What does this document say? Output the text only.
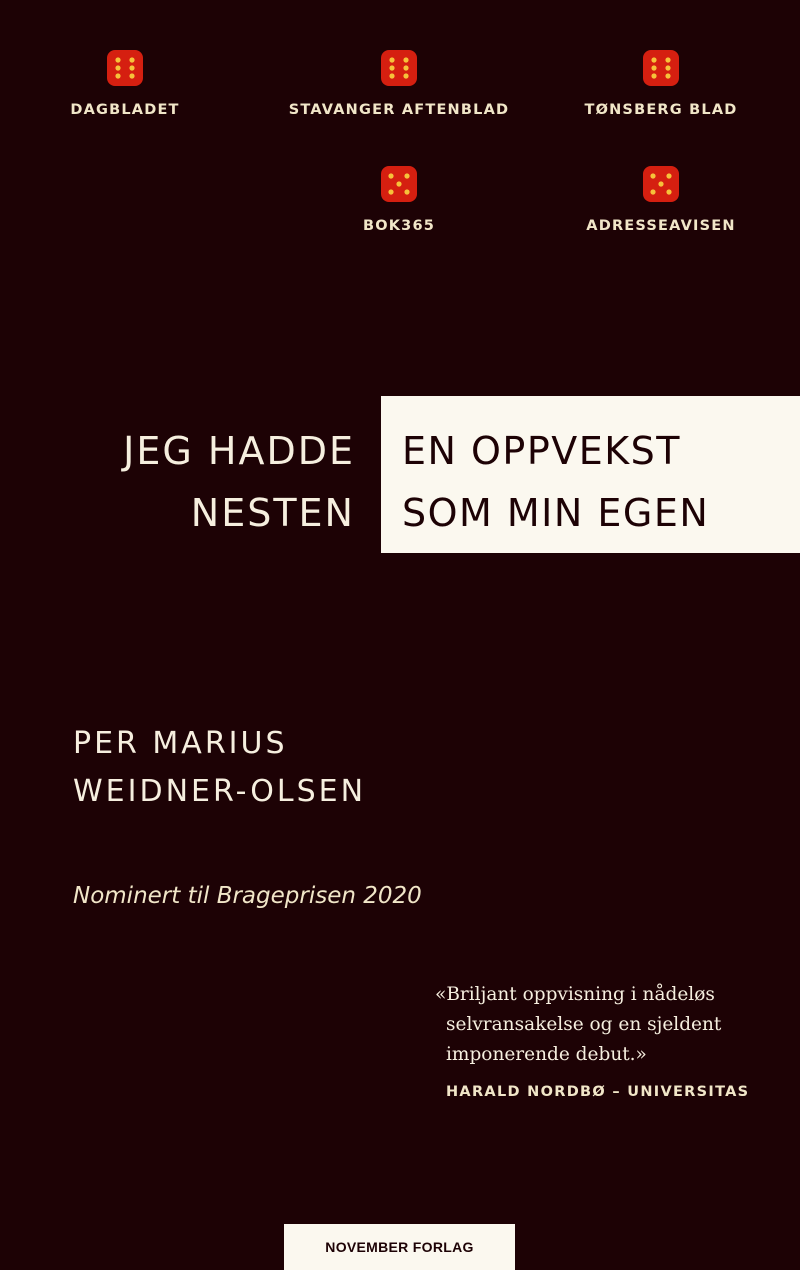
DAGBLADET	STAVANGER AFTENBLAD	TØNSBERG BLAD
BOK365	ADRESSEAVISEN
JEG HADDE
NESTEN
EN OPPVEKST
SOM MIN EGEN
PER MARIUS
WEIDNER-OLSEN
Nominert til Brageprisen 2020
«Briljant oppvisning i nådeløs
selvransakelse og en sjeldent
imponerende debut.»
HARALD NORDBØ – UNIVERSITAS
NOVEMBER FORLAG
